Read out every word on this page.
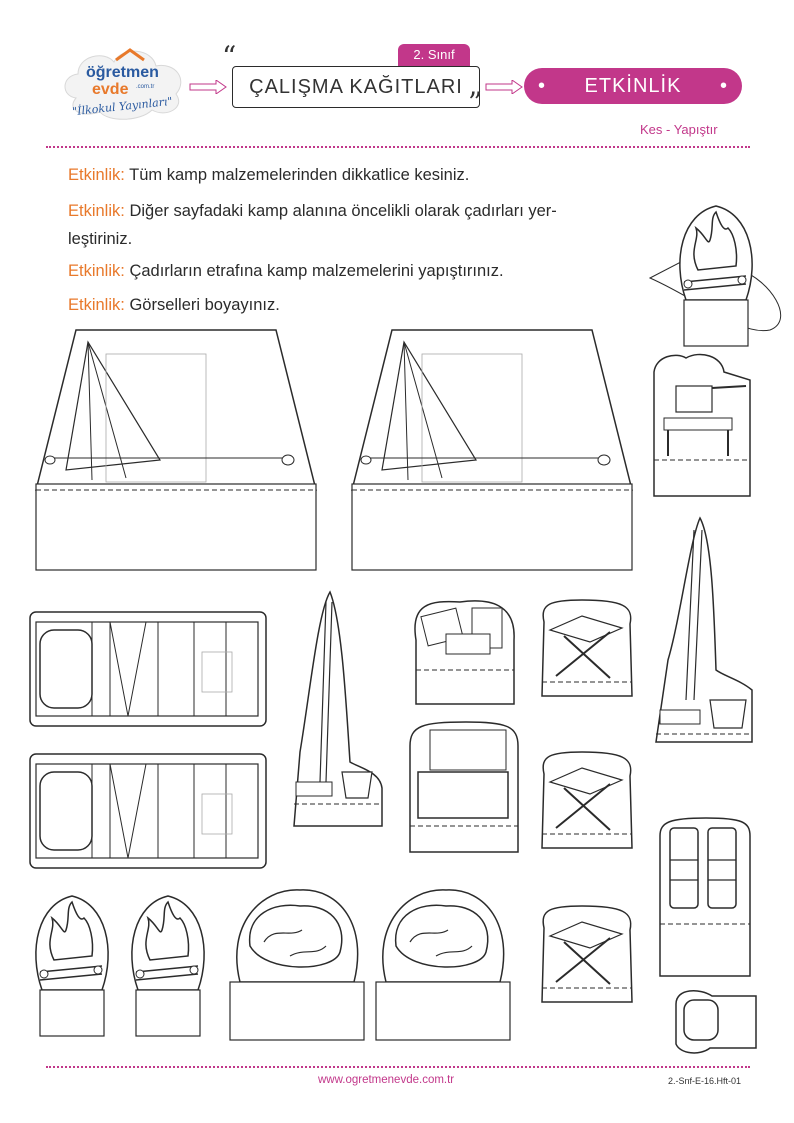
öğretmen
evde .com.tr
"İlkokul Yayınları"
“	2. Sınıf
ÇALIŞMA KAĞITLARI ”	• ETKİNLİK •
Kes - Yapıştır
Etkinlik: Tüm kamp malzemelerinden dikkatlice kesiniz.
Etkinlik: Diğer sayfadaki kamp alanına öncelikli olarak çadırları yer-
leştiriniz.
Etkinlik: Çadırların etrafına kamp malzemelerini yapıştırınız.
Etkinlik: Görselleri boyayınız.
www.ogretmenevde.com.tr	2.-Snf-E-16.Hft-01
